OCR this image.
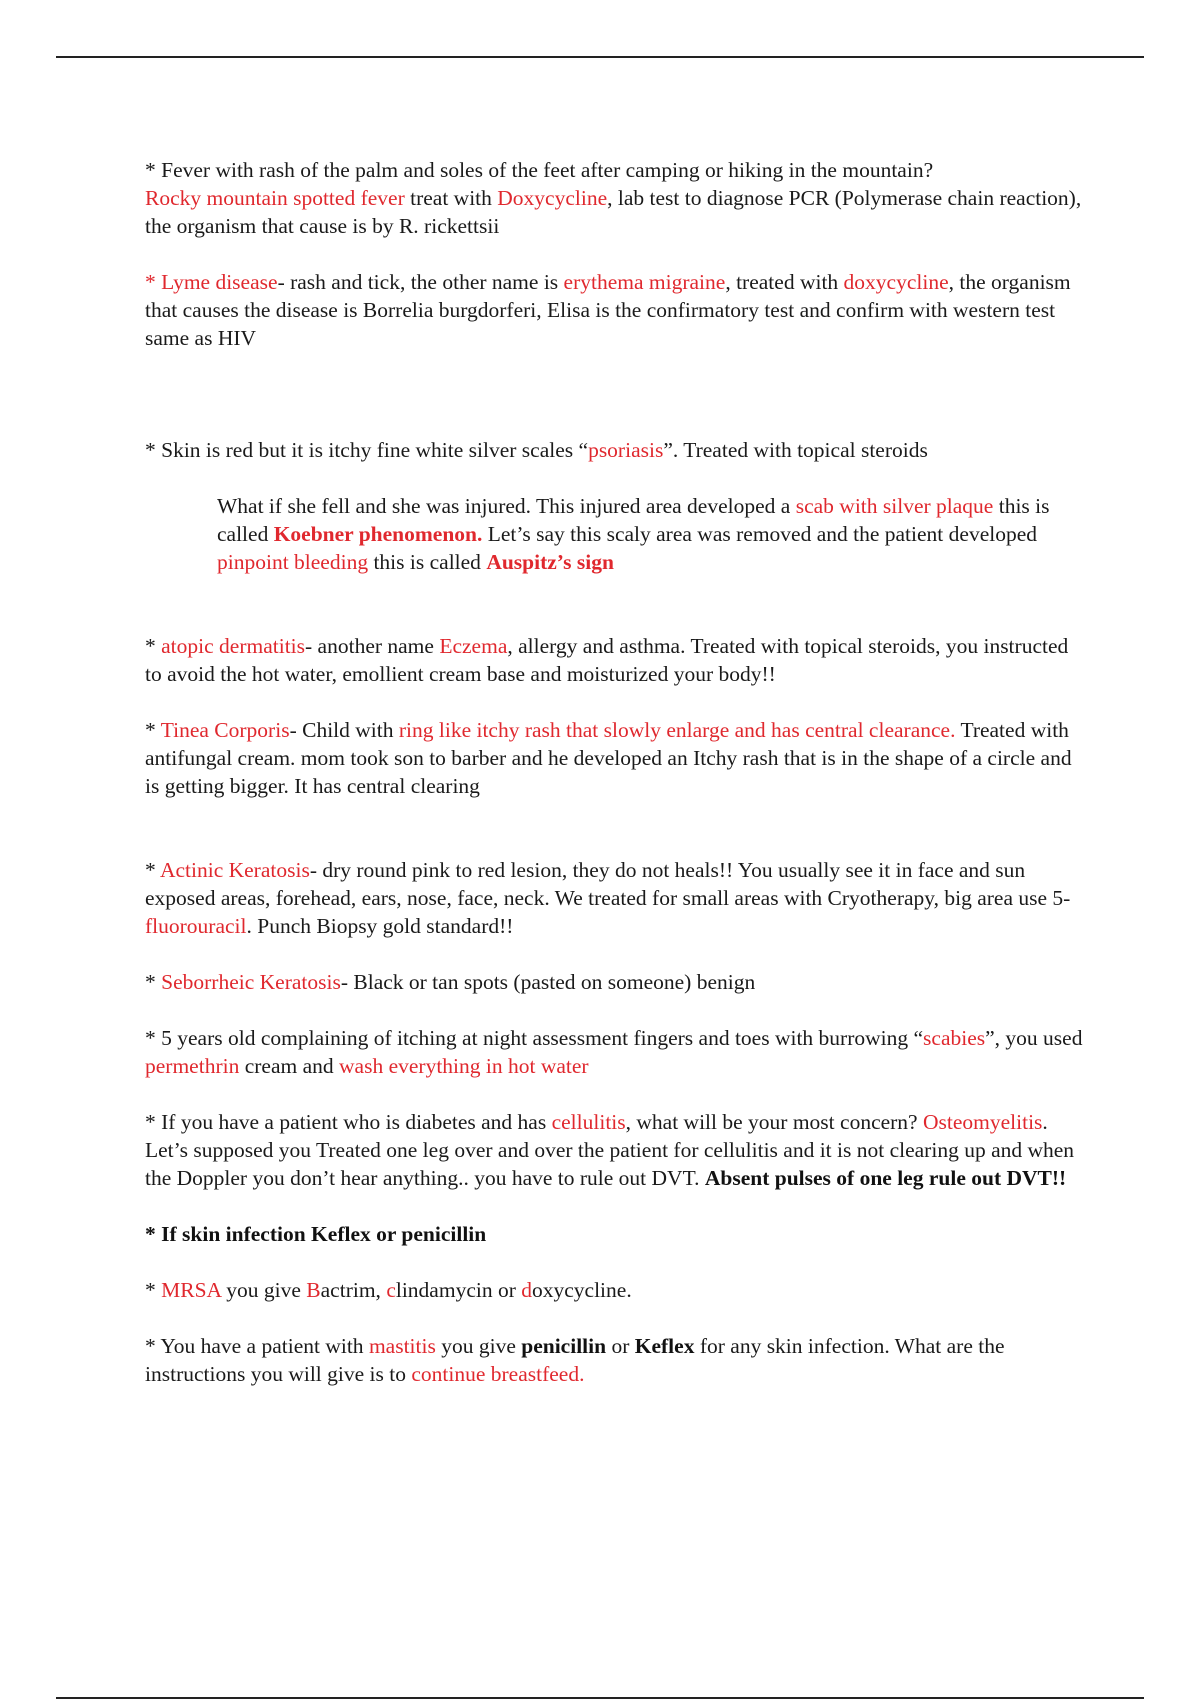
* Fever with rash of the palm and soles of the feet after camping or hiking in the mountain?
Rocky mountain spotted fever treat with Doxycycline, lab test to diagnose PCR (Polymerase chain reaction), the organism that cause is by R. rickettsii

* Lyme disease- rash and tick, the other name is erythema migraine, treated with doxycycline, the organism that causes the disease is Borrelia burgdorferi, Elisa is the confirmatory test and confirm with western test same as HIV

* Skin is red but it is itchy fine white silver scales “psoriasis”. Treated with topical steroids

What if she fell and she was injured. This injured area developed a scab with silver plaque this is called Koebner phenomenon. Let’s say this scaly area was removed and the patient developed pinpoint bleeding this is called Auspitz’s sign

* atopic dermatitis- another name Eczema, allergy and asthma. Treated with topical steroids, you instructed to avoid the hot water, emollient cream base and moisturized your body!!

* Tinea Corporis- Child with ring like itchy rash that slowly enlarge and has central clearance. Treated with antifungal cream. mom took son to barber and he developed an Itchy rash that is in the shape of a circle and is getting bigger. It has central clearing

* Actinic Keratosis- dry round pink to red lesion, they do not heals!! You usually see it in face and sun exposed areas, forehead, ears, nose, face, neck. We treated for small areas with Cryotherapy, big area use 5-fluorouracil. Punch Biopsy gold standard!!

* Seborrheic Keratosis- Black or tan spots (pasted on someone) benign

* 5 years old complaining of itching at night assessment fingers and toes with burrowing “scabies”, you used permethrin cream and wash everything in hot water

* If you have a patient who is diabetes and has cellulitis, what will be your most concern? Osteomyelitis. Let’s supposed you Treated one leg over and over the patient for cellulitis and it is not clearing up and when the Doppler you don’t hear anything.. you have to rule out DVT. Absent pulses of one leg rule out DVT!!

* If skin infection Keflex or penicillin

* MRSA you give Bactrim, clindamycin or doxycycline.

* You have a patient with mastitis you give penicillin or Keflex for any skin infection. What are the instructions you will give is to continue breastfeed.
